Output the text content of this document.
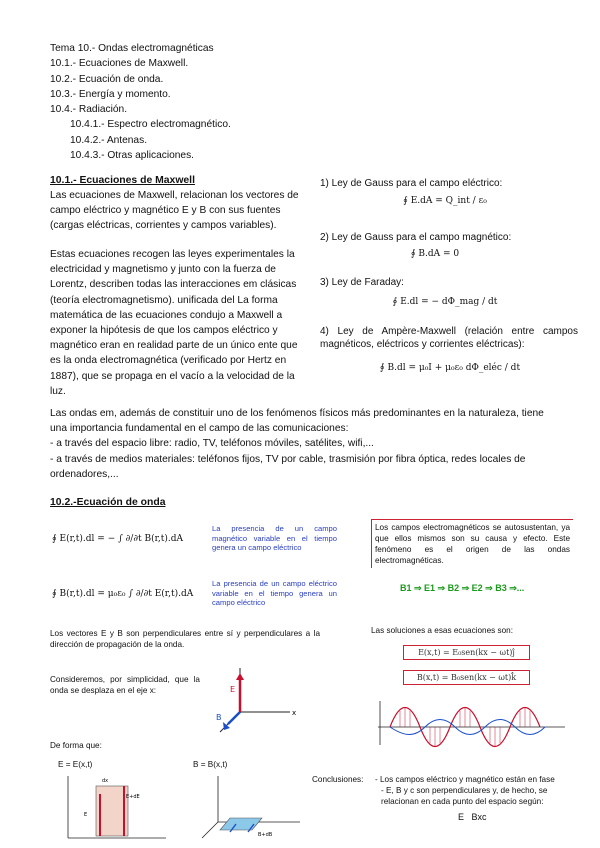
Tema 10.- Ondas electromagnéticas
10.1.- Ecuaciones de Maxwell.
10.2.- Ecuación de onda.
10.3.- Energía y momento.
10.4.- Radiación.
10.4.1.- Espectro electromagnético.
10.4.2.- Antenas.
10.4.3.- Otras aplicaciones.
10.1.- Ecuaciones de Maxwell
Las ecuaciones de Maxwell, relacionan los vectores de campo eléctrico y magnético E y B con sus fuentes (cargas eléctricas, corrientes y campos variables).
Estas ecuaciones recogen las leyes experimentales la electricidad y magnetismo y junto con la fuerza de Lorentz, describen todas las interacciones em clásicas (teoría electromagnetismo). unificada del La forma matemática de las ecuaciones condujo a Maxwell a exponer la hipótesis de que los campos eléctrico y magnético eran en realidad parte de un único ente que es la onda electromagnética (verificado por Hertz en 1887), que se propaga en el vacío a la velocidad de la luz.
1) Ley de Gauss para el campo eléctrico:
∮ E.dA = Q_int / ε₀
2) Ley de Gauss para el campo magnético:
∮ B.dA = 0
3) Ley de Faraday:
∮ E.dl = − dΦ_mag / dt
4) Ley de Ampère-Maxwell (relación entre campos magnéticos, eléctricos y corrientes eléctricas):
∮ B.dl = μ₀I + μ₀ε₀ dΦ_eléc / dt
Las ondas em, además de constituir uno de los fenómenos físicos más predominantes en la naturaleza, tiene una importancia fundamental en el campo de las comunicaciones:
- a través del espacio libre: radio, TV, teléfonos móviles, satélites, wifi,...
- a través de medios materiales: teléfonos fijos, TV por cable, trasmisión por fibra óptica, redes locales de ordenadores,...
10.2.-Ecuación de onda
∮ E(r,t).dl = − ∫ ∂/∂t B(r,t).dA
La presencia de un campo magnético variable en el tiempo genera un campo eléctrico
∮ B(r,t).dl = μ₀ε₀ ∫ ∂/∂t E(r,t).dA
La presencia de un campo eléctrico variable en el tiempo genera un campo eléctrico
Los campos electromagnéticos se autosustentan, ya que ellos mismos son su causa y efecto. Este fenómeno es el origen de las ondas electromagnéticas.
B1 ⇒ E1 ⇒ B2 ⇒ E2 ⇒ B3 ⇒...
Los vectores E y B son perpendiculares entre sí y perpendiculares a la dirección de propagación de la onda.
Las soluciones a esas ecuaciones son:
E(x,t) = E₀sen(kx − ωt)ĵ
B(x,t) = B₀sen(kx − ωt)k̂
Consideremos, por simplicidad, que la onda se desplaza en el eje x:	E
B	x
De forma que:
E = E(x,t)	B = B(x,t)
E
E+dE
dx
B+dB
Conclusiones: - Los campos eléctrico y magnético están en fase
- E, B y c son perpendiculares y, de hecho, se relacionan en cada punto del espacio según:
E   Bxc
